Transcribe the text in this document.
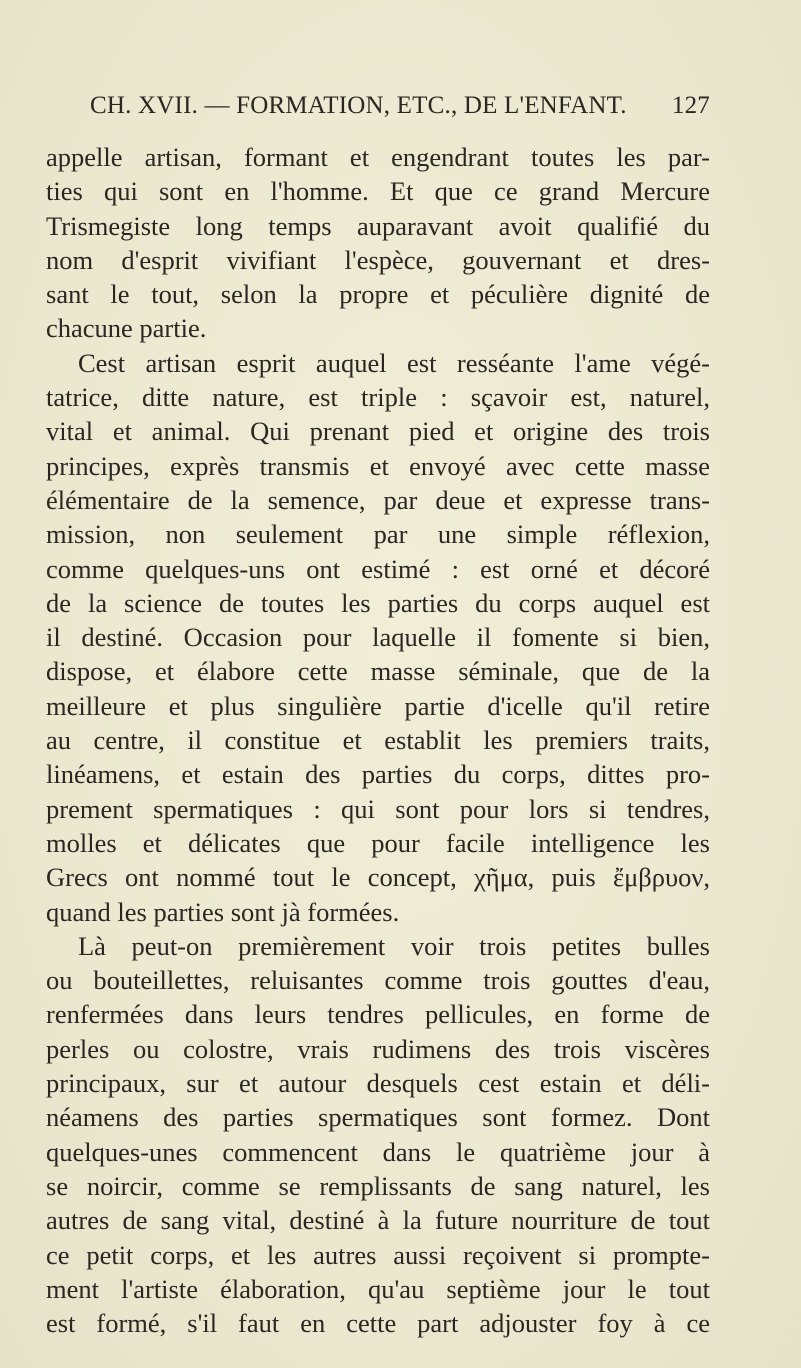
CH. XVII. — FORMATION, ETC., DE L'ENFANT. 127
appelle artisan, formant et engendrant toutes les par-
ties qui sont en l'homme. Et que ce grand Mercure
Trismegiste long temps auparavant avoit qualifié du
nom d'esprit vivifiant l'espèce, gouvernant et dres-
sant le tout, selon la propre et péculière dignité de
chacune partie.
Cest artisan esprit auquel est resséante l'ame végé-
tatrice, ditte nature, est triple : sçavoir est, naturel,
vital et animal. Qui prenant pied et origine des trois
principes, exprès transmis et envoyé avec cette masse
élémentaire de la semence, par deue et expresse trans-
mission, non seulement par une simple réflexion,
comme quelques-uns ont estimé : est orné et décoré
de la science de toutes les parties du corps auquel est
il destiné. Occasion pour laquelle il fomente si bien,
dispose, et élabore cette masse séminale, que de la
meilleure et plus singulière partie d'icelle qu'il retire
au centre, il constitue et establit les premiers traits,
linéamens, et estain des parties du corps, dittes pro-
prement spermatiques : qui sont pour lors si tendres,
molles et délicates que pour facile intelligence les
Grecs ont nommé tout le concept, χῆμα, puis ἔμβρυον,
quand les parties sont jà formées.
Là peut-on premièrement voir trois petites bulles
ou bouteillettes, reluisantes comme trois gouttes d'eau,
renfermées dans leurs tendres pellicules, en forme de
perles ou colostre, vrais rudimens des trois viscères
principaux, sur et autour desquels cest estain et déli-
néamens des parties spermatiques sont formez. Dont
quelques-unes commencent dans le quatrième jour à
se noircir, comme se remplissants de sang naturel, les
autres de sang vital, destiné à la future nourriture de tout
ce petit corps, et les autres aussi reçoivent si prompte-
ment l'artiste élaboration, qu'au septième jour le tout
est formé, s'il faut en cette part adjouster foy à ce
